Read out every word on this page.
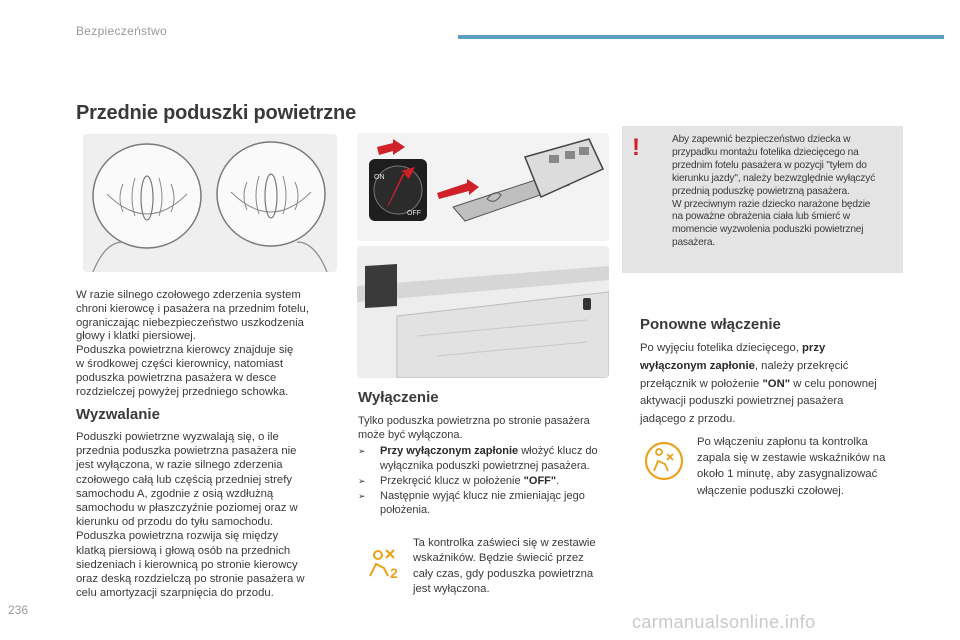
Bezpieczeństwo
Przednie poduszki powietrzne
W razie silnego czołowego zderzenia system
chroni kierowcę i pasażera na przednim fotelu,
ograniczając niebezpieczeństwo uszkodzenia
głowy i klatki piersiowej.
Poduszka powietrzna kierowcy znajduje się
w środkowej części kierownicy, natomiast
poduszka powietrzna pasażera w desce
rozdzielczej powyżej przedniego schowka.
Wyzwalanie
Poduszki powietrzne wyzwalają się, o ile
przednia poduszka powietrzna pasażera nie
jest wyłączona, w razie silnego zderzenia
czołowego całą lub częścią przedniej strefy
samochodu A, zgodnie z osią wzdłużną
samochodu w płaszczyźnie poziomej oraz w
kierunku od przodu do tyłu samochodu.
Poduszka powietrzna rozwija się między
klatką piersiową i głową osób na przednich
siedzeniach i kierownicą po stronie kierowcy
oraz deską rozdzielczą po stronie pasażera w
celu amortyzacji szarpnięcia do przodu.
ON
OFF
Wyłączenie
Tylko poduszka powietrzna po stronie pasażera
może być wyłączona.
➢ Przy wyłączonym zapłonie włożyć klucz do
wyłącznika poduszki powietrznej pasażera.
➢ Przekręcić klucz w położenie "OFF".
➢ Następnie wyjąć klucz nie zmieniając jego
położenia.
2
Ta kontrolka zaświeci się w zestawie
wskaźników. Będzie świecić przez
cały czas, gdy poduszka powietrzna
jest wyłączona.
!	Aby zapewnić bezpieczeństwo dziecka w
przypadku montażu fotelika dziecięcego na
przednim fotelu pasażera w pozycji "tyłem do
kierunku jazdy", należy bezwzględnie wyłączyć
przednią poduszkę powietrzną pasażera.
W przeciwnym razie dziecko narażone będzie
na poważne obrażenia ciała lub śmierć w
momencie wyzwolenia poduszki powietrznej
pasażera.
Ponowne włączenie
Po wyjęciu fotelika dziecięcego, przy
wyłączonym zapłonie, należy przekręcić
przełącznik w położenie "ON" w celu ponownej
aktywacji poduszki powietrznej pasażera
jadącego z przodu.
Po włączeniu zapłonu ta kontrolka
zapala się w zestawie wskaźników na
około 1 minutę, aby zasygnalizować
włączenie poduszki czołowej.
236
carmanualsonline.info
